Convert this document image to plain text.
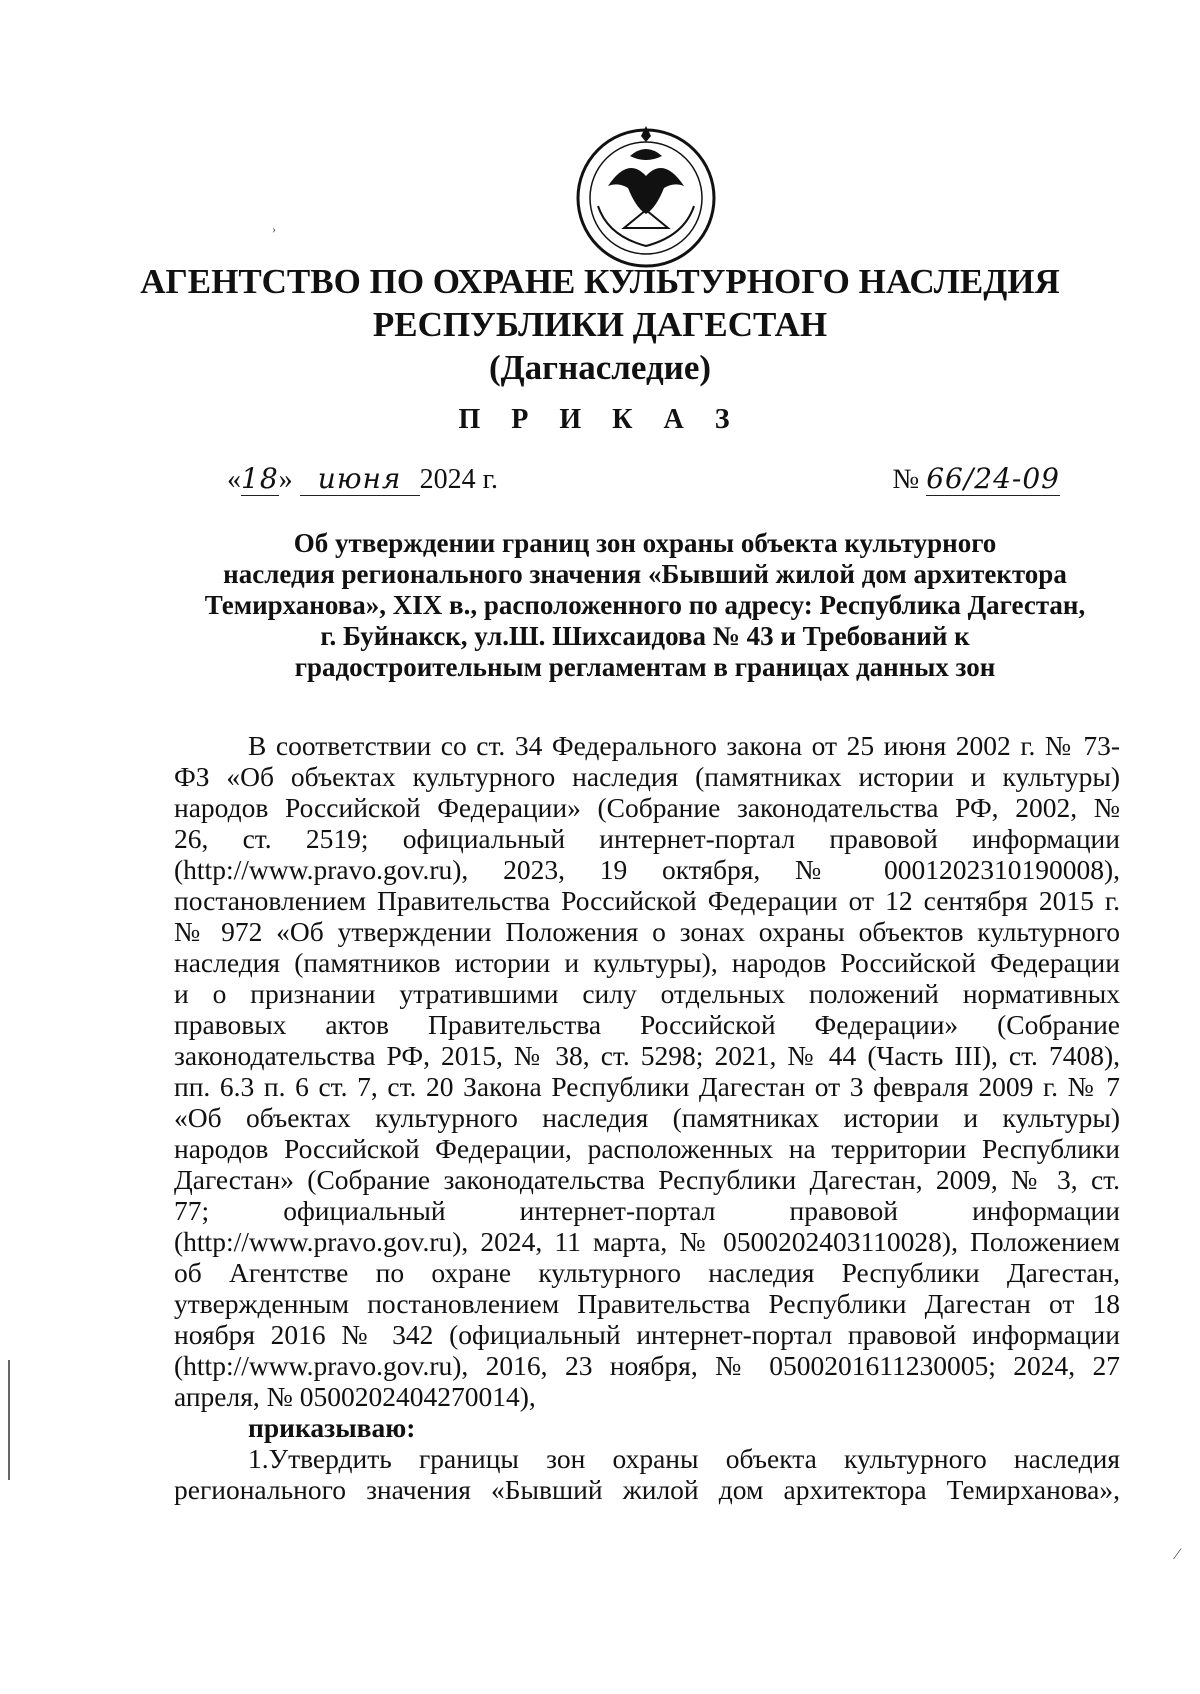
›
⁄
АГЕНТСТВО ПО ОХРАНЕ КУЛЬТУРНОГО НАСЛЕДИЯ
РЕСПУБЛИКИ ДАГЕСТАН
(Дагнаследие)
П Р И К А З
«18» июня 2024 г.	№ 66/24-09
Об утверждении границ зон охраны объекта культурного
наследия регионального значения «Бывший жилой дом архитектора
Темирханова», XIX в., расположенного по адресу: Республика Дагестан,
г. Буйнакск, ул.Ш. Шихсаидова № 43 и Требований к
градостроительным регламентам в границах данных зон
В соответствии со ст. 34 Федерального закона от 25 июня 2002 г. № 73-
ФЗ «Об объектах культурного наследия (памятниках истории и культуры)
народов Российской Федерации» (Собрание законодательства РФ, 2002, №
26, ст. 2519; официальный интернет-портал правовой информации
(http://www.pravo.gov.ru), 2023, 19 октября, № 0001202310190008),
постановлением Правительства Российской Федерации от 12 сентября 2015 г.
№ 972 «Об утверждении Положения о зонах охраны объектов культурного
наследия (памятников истории и культуры), народов Российской Федерации
и о признании утратившими силу отдельных положений нормативных
правовых актов Правительства Российской Федерации» (Собрание
законодательства РФ, 2015, № 38, ст. 5298; 2021, № 44 (Часть III), ст. 7408),
пп. 6.3 п. 6 ст. 7, ст. 20 Закона Республики Дагестан от 3 февраля 2009 г. № 7
«Об объектах культурного наследия (памятниках истории и культуры)
народов Российской Федерации, расположенных на территории Республики
Дагестан» (Собрание законодательства Республики Дагестан, 2009, № 3, ст.
77; официальный интернет-портал правовой информации
(http://www.pravo.gov.ru), 2024, 11 марта, № 0500202403110028), Положением
об Агентстве по охране культурного наследия Республики Дагестан,
утвержденным постановлением Правительства Республики Дагестан от 18
ноября 2016 № 342 (официальный интернет-портал правовой информации
(http://www.pravo.gov.ru), 2016, 23 ноября, № 0500201611230005; 2024, 27
апреля, № 0500202404270014),
приказываю:
1.Утвердить границы зон охраны объекта культурного наследия
регионального значения «Бывший жилой дом архитектора Темирханова»,
